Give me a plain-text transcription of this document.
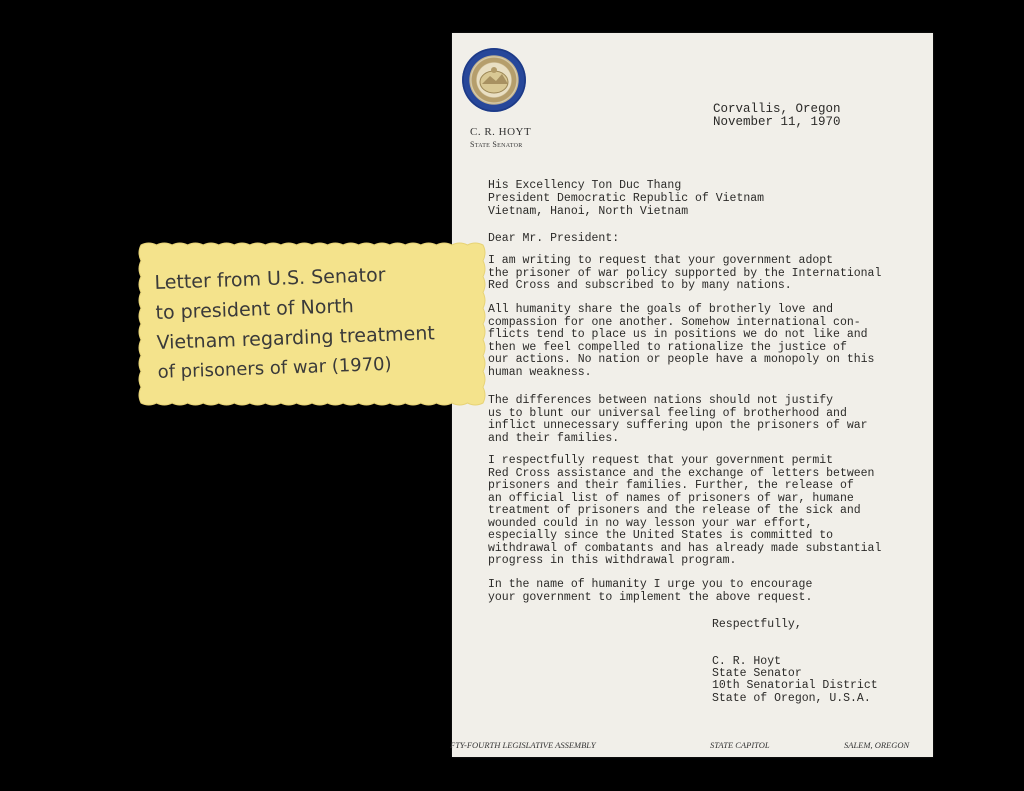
C. R. HOYT
State Senator
Corvallis, Oregon
November 11, 1970
His Excellency Ton Duc Thang
President Democratic Republic of Vietnam
Vietnam, Hanoi, North Vietnam
Dear Mr. President:
I am writing to request that your government adopt
the prisoner of war policy supported by the International
Red Cross and subscribed to by many nations.
All humanity share the goals of brotherly love and
compassion for one another. Somehow international con-
flicts tend to place us in positions we do not like and
then we feel compelled to rationalize the justice of
our actions. No nation or people have a monopoly on this
human weakness.
The differences between nations should not justify
us to blunt our universal feeling of brotherhood and
inflict unnecessary suffering upon the prisoners of war
and their families.
I respectfully request that your government permit
Red Cross assistance and the exchange of letters between
prisoners and their families. Further, the release of
an official list of names of prisoners of war, humane
treatment of prisoners and the release of the sick and
wounded could in no way lesson your war effort,
especially since the United States is committed to
withdrawal of combatants and has already made substantial
progress in this withdrawal program.
In the name of humanity I urge you to encourage
your government to implement the above request.
Respectfully,
C. R. Hoyt
State Senator
10th Senatorial District
State of Oregon, U.S.A.
FTY-FOURTH LEGISLATIVE ASSEMBLY	STATE CAPITOL	SALEM, OREGON
Letter from U.S. Senator
to president of North
Vietnam regarding treatment
of prisoners of war (1970)
